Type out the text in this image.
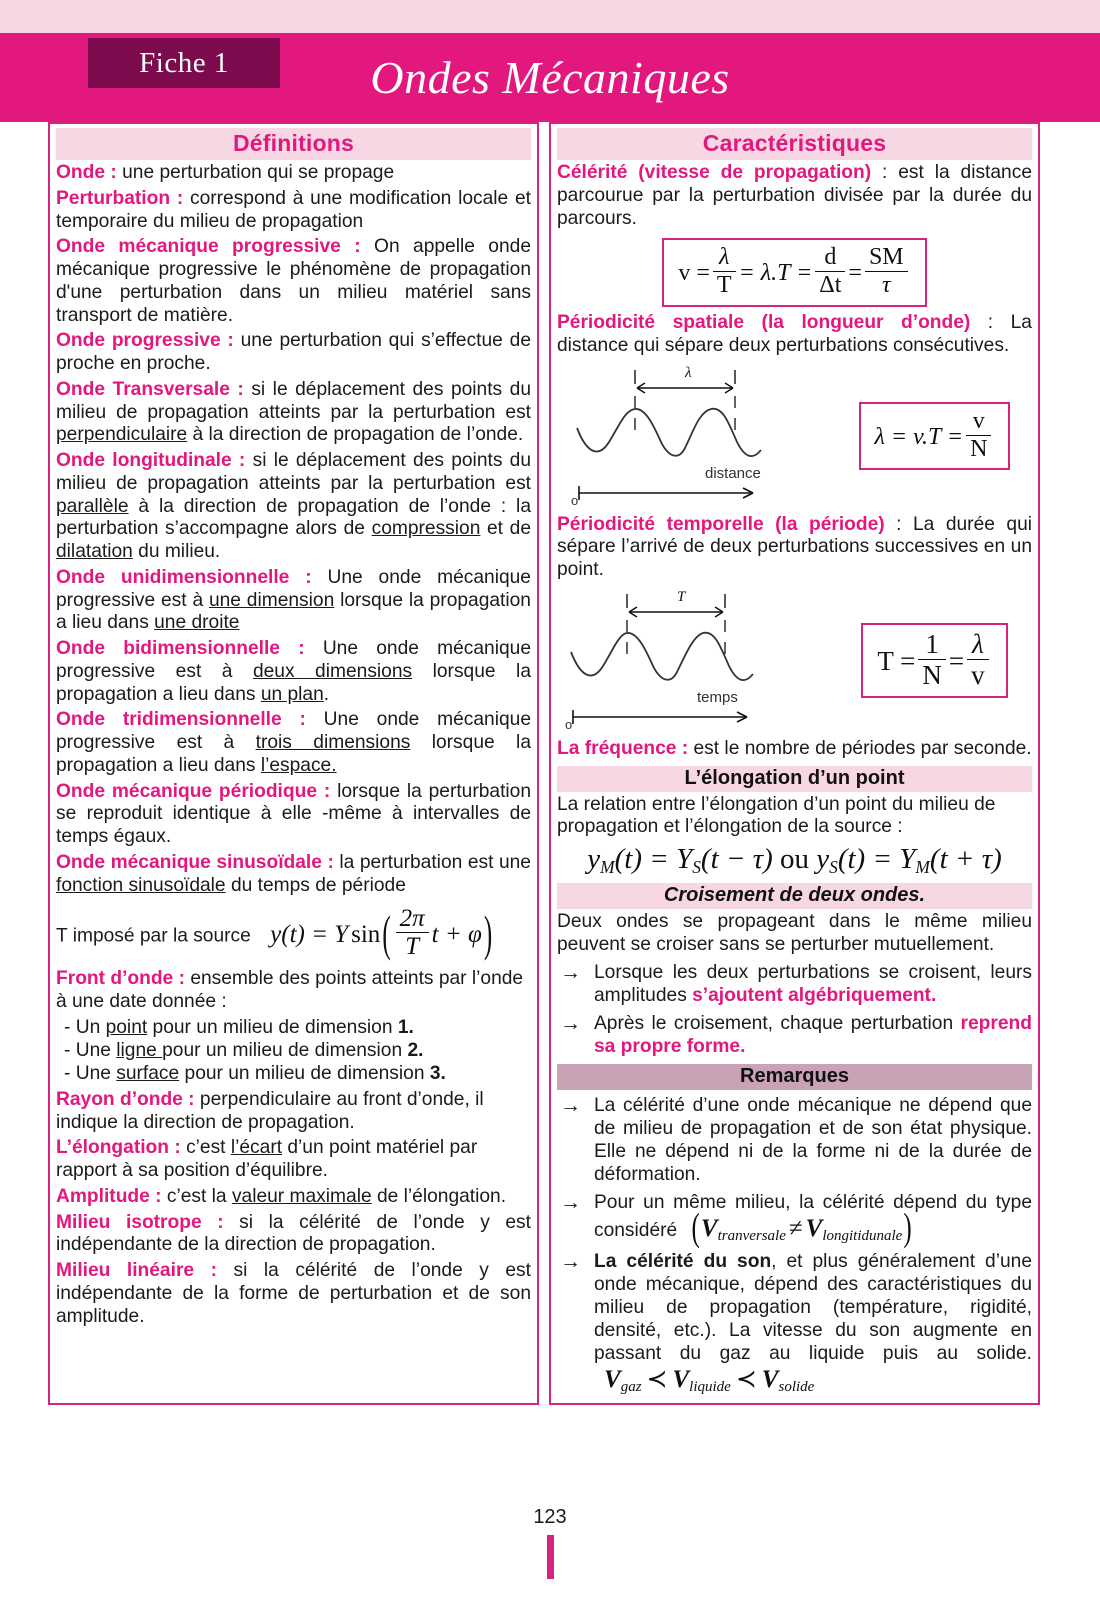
Fiche 1	Ondes Mécaniques
Définitions

Onde : une perturbation qui se propage

Perturbation : correspond à une modification locale et temporaire du milieu de propagation

Onde mécanique progressive : On appelle onde mécanique progressive le phénomène de propagation d'une perturbation dans un milieu matériel sans transport de matière.

Onde progressive : une perturbation qui s’effectue de proche en proche.

Onde Transversale : si le déplacement des points du milieu de propagation atteints par la perturbation est perpendiculaire à la direction de propagation de l’onde.

Onde longitudinale : si le déplacement des points du milieu de propagation atteints par la perturbation est parallèle à la direction de propagation de l’onde : la perturbation s’accompagne alors de compression et de dilatation du milieu.

Onde unidimensionnelle : Une onde mécanique progressive est à une dimension lorsque la propagation a lieu dans une droite

Onde bidimensionnelle : Une onde mécanique progressive est à deux dimensions lorsque la propagation a lieu dans un plan.

Onde tridimensionnelle : Une onde mécanique progressive est à trois dimensions lorsque la propagation a lieu dans l’espace.

Onde mécanique périodique : lorsque la perturbation se reproduit identique à elle -même à intervalles de temps égaux.

Onde mécanique sinusoïdale : la perturbation est une fonction sinusoïdale du temps de période

T imposé par la source y(t) = Y $\sin( \frac{2\pi}{T}$ t + φ)

Front d’onde : ensemble des points atteints par l’onde à une date donnée :

- Un point pour un milieu de dimension 1.
- Une ligne pour un milieu de dimension 2.
- Une surface pour un milieu de dimension 3.

Rayon d’onde : perpendiculaire au front d’onde, il indique la direction de propagation.

L’élongation : c’est l’écart d’un point matériel par rapport à sa position d’équilibre.

Amplitude : c’est la valeur maximale de l’élongation.

Milieu isotrope : si la célérité de l’onde y est indépendante de la direction de propagation.

Milieu linéaire : si la célérité de l’onde y est indépendante de la forme de perturbation et de son amplitude.

Caractéristiques

Célérité (vitesse de propagation) : est la distance parcourue par la perturbation divisée par la durée du parcours.

$v = \frac{\lambda}{T} = \lambda.T = \frac{d}{\Delta t} = \frac{SM}{\tau}$

Périodicité spatiale (la longueur d’onde) : La distance qui sépare deux perturbations consécutives.

λ
distance
o
$\lambda = v.T = \frac{v}{N}$

Périodicité temporelle (la période) : La durée qui sépare l’arrivé de deux perturbations successives en un point.

T
temps
o
$T = \frac{1}{N} = \frac{\lambda}{v}$

La fréquence : est le nombre de périodes par seconde.

L’élongation d’un point

La relation entre l’élongation d’un point du milieu de propagation et l’élongation de la source :

$y_M(t) = Y_S(t - \tau)$ ou $y_S(t) = Y_M(t + \tau)$
Croisement de deux ondes.

Deux ondes se propageant dans le même milieu peuvent se croiser sans se perturber mutuellement.

→ Lorsque les deux perturbations se croisent, leurs amplitudes s’ajoutent algébriquement.
→ Après le croisement, chaque perturbation reprend sa propre forme.
Remarques
→ La célérité d’une onde mécanique ne dépend que de milieu de propagation et de son état physique. Elle ne dépend ni de la forme ni de la durée de déformation.
→ Pour un même milieu, la célérité dépend du type considéré $(V_{tranversale} \ne V_{longitidunale})$
→ La célérité du son, et plus généralement d’une onde mécanique, dépend des caractéristiques du milieu de propagation (température, rigidité, densité, etc.). La vitesse du son augmente en passant du gaz au liquide puis au solide. $V_{gaz}$ ≺ $V_{liquide}$ ≺ $V_{solide}$
123
